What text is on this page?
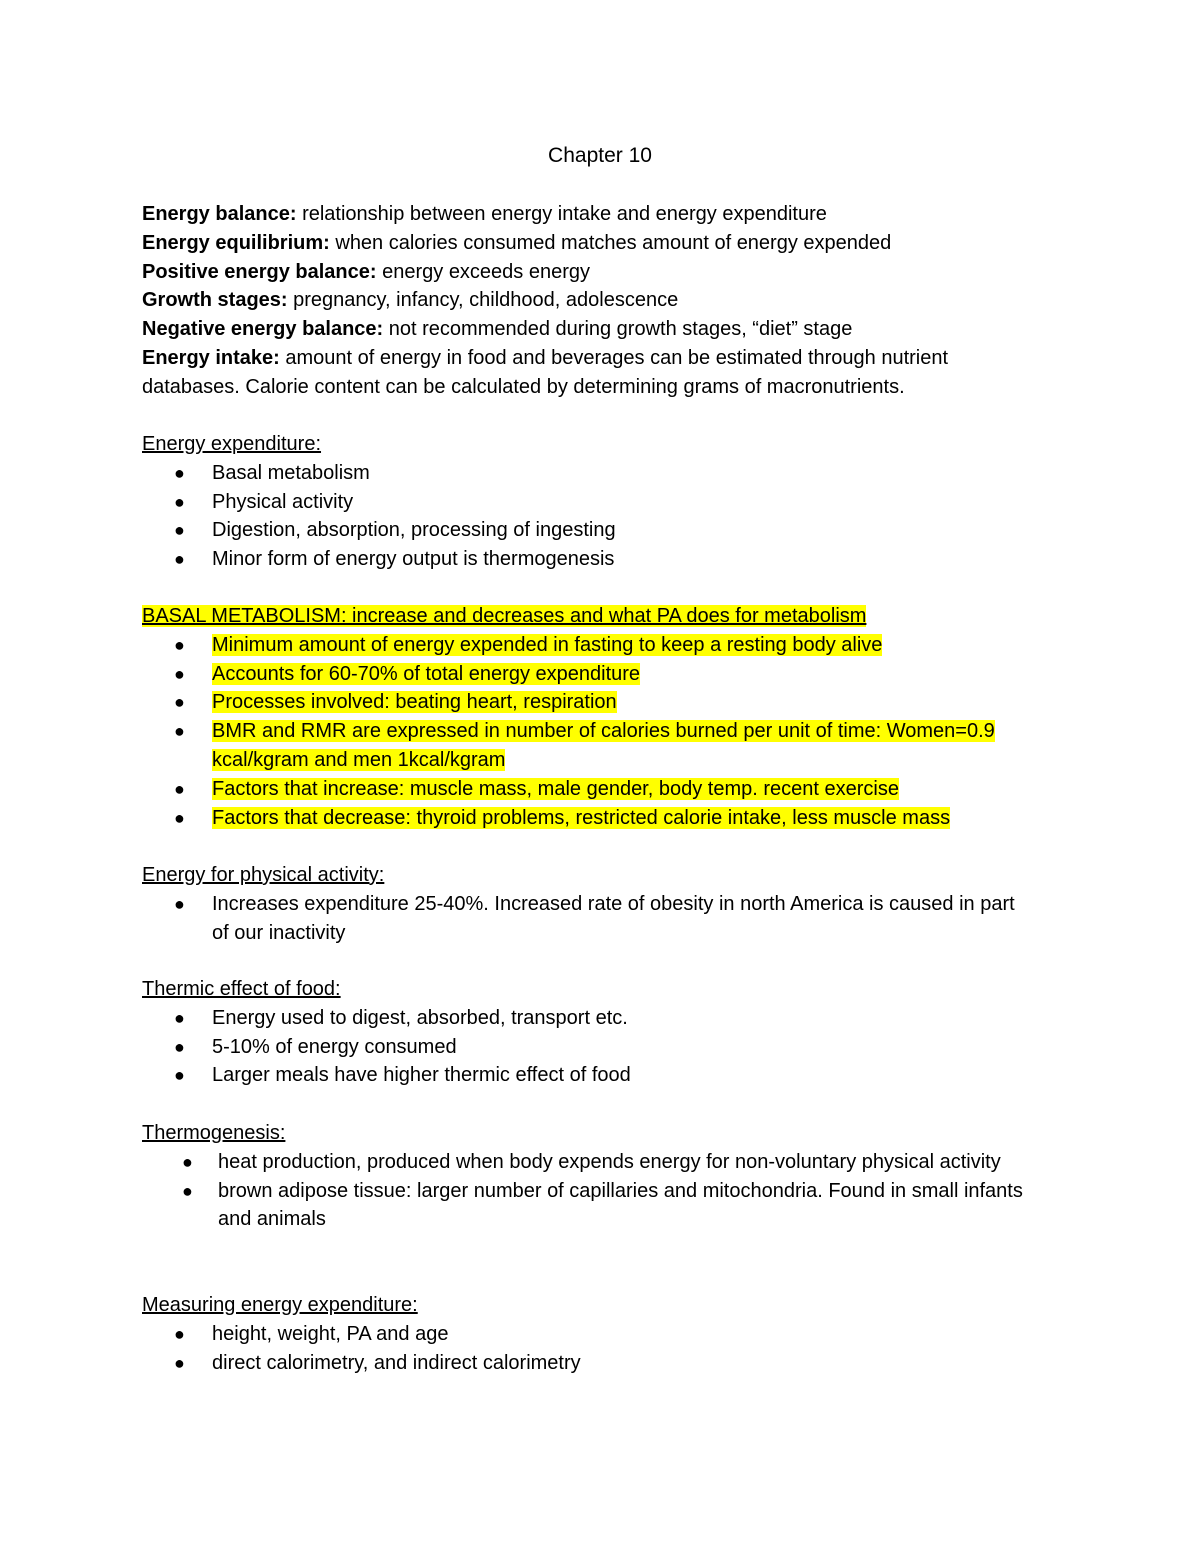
Chapter 10

Energy balance: relationship between energy intake and energy expenditure

Energy equilibrium: when calories consumed matches amount of energy expended

Positive energy balance: energy exceeds energy

Growth stages: pregnancy, infancy, childhood, adolescence

Negative energy balance: not recommended during growth stages, “diet” stage

Energy intake: amount of energy in food and beverages can be estimated through nutrient databases. Calorie content can be calculated by determining grams of macronutrients.

Energy expenditure:
● Basal metabolism
● Physical activity
● Digestion, absorption, processing of ingesting
● Minor form of energy output is thermogenesis
BASAL METABOLISM: increase and decreases and what PA does for metabolism
● Minimum amount of energy expended in fasting to keep a resting body alive
● Accounts for 60-70% of total energy expenditure
● Processes involved: beating heart, respiration
● BMR and RMR are expressed in number of calories burned per unit of time: Women=0.9
kcal/kgram and men 1kcal/kgram
● Factors that increase: muscle mass, male gender, body temp. recent exercise
● Factors that decrease: thyroid problems, restricted calorie intake, less muscle mass
Energy for physical activity:
● Increases expenditure 25-40%. Increased rate of obesity in north America is caused in part of our inactivity
Thermic effect of food:
● Energy used to digest, absorbed, transport etc.
● 5-10% of energy consumed
● Larger meals have higher thermic effect of food
Thermogenesis:
● heat production, produced when body expends energy for non-voluntary physical activity
● brown adipose tissue: larger number of capillaries and mitochondria. Found in small infants and animals
Measuring energy expenditure:
● height, weight, PA and age
● direct calorimetry, and indirect calorimetry
